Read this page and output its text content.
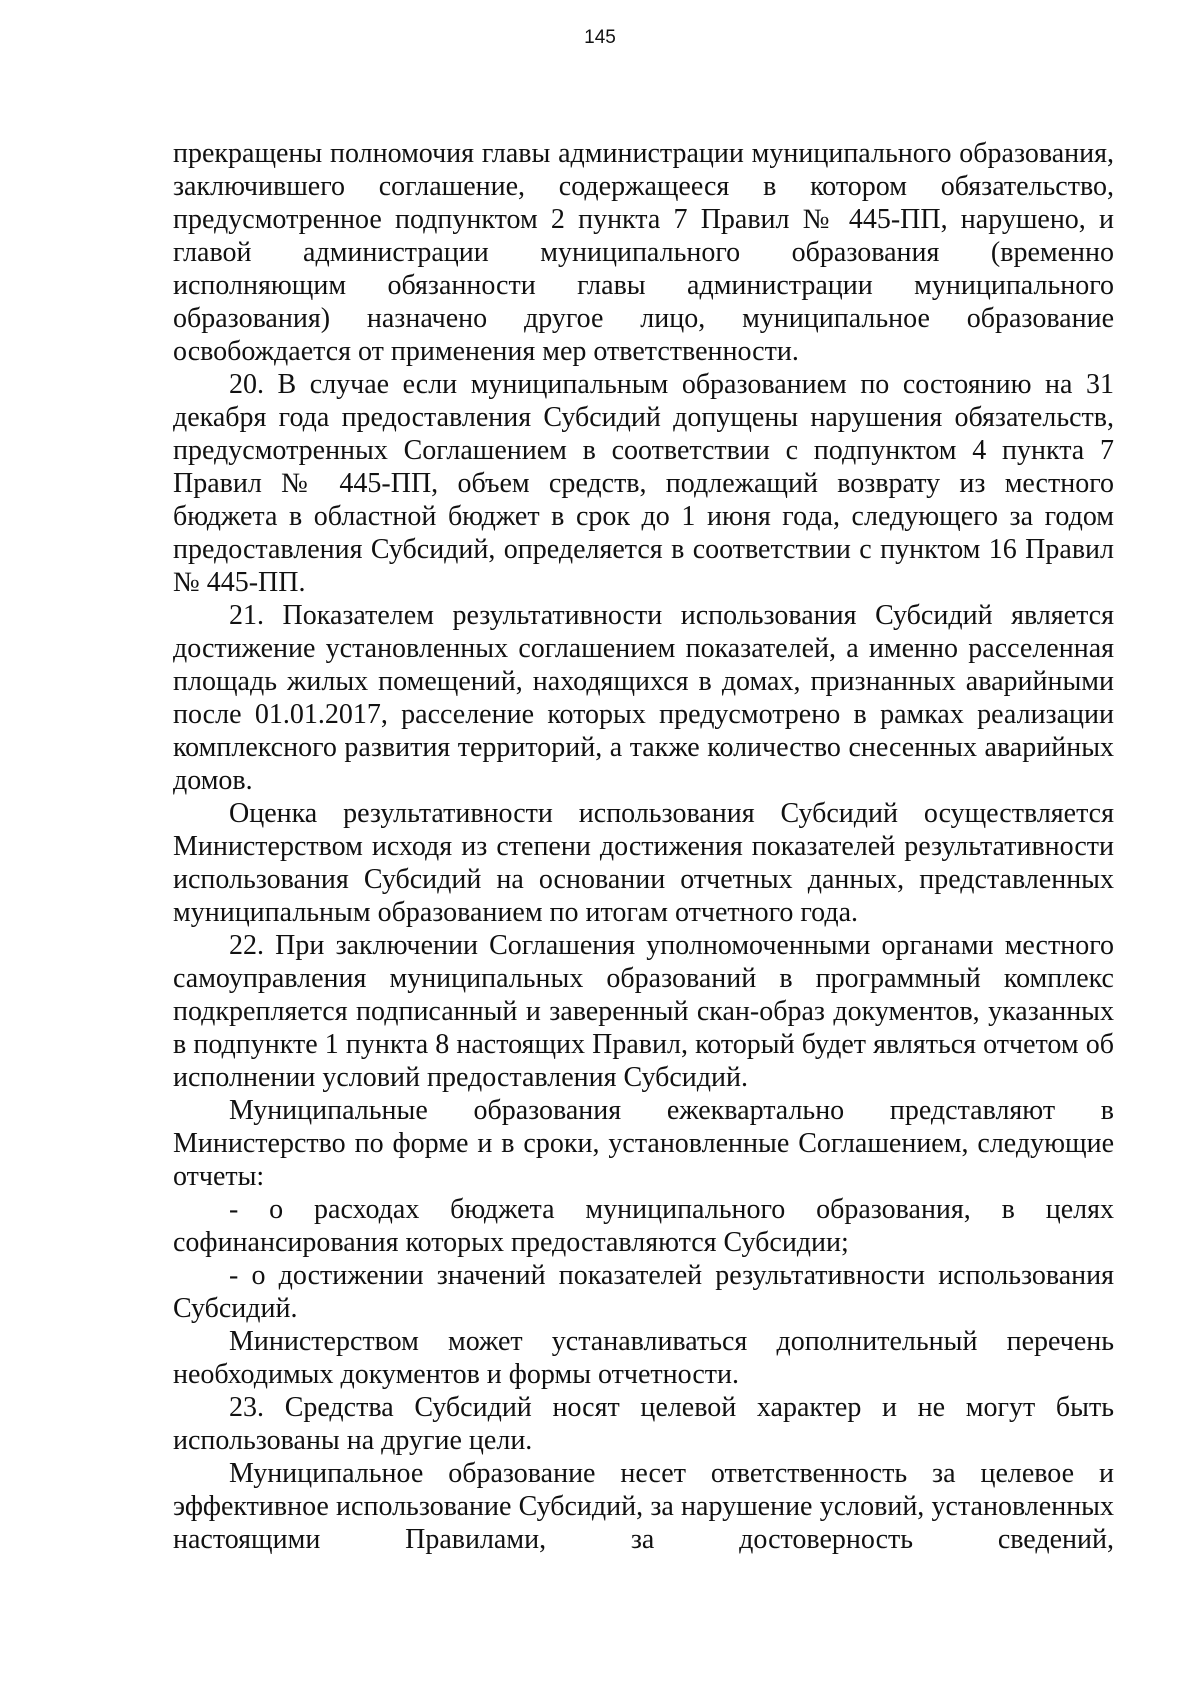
145

прекращены полномочия главы администрации муниципального образования, заключившего соглашение, содержащееся в котором обязательство, предусмотренное подпунктом 2 пункта 7 Правил № 445-ПП, нарушено, и главой администрации муниципального образования (временно исполняющим обязанности главы администрации муниципального образования) назначено другое лицо, муниципальное образование освобождается от применения мер ответственности.

20. В случае если муниципальным образованием по состоянию на 31 декабря года предоставления Субсидий допущены нарушения обязательств, предусмотренных Соглашением в соответствии с подпунктом 4 пункта 7 Правил № 445-ПП, объем средств, подлежащий возврату из местного бюджета в областной бюджет в срок до 1 июня года, следующего за годом предоставления Субсидий, определяется в соответствии с пунктом 16 Правил № 445-ПП.

21. Показателем результативности использования Субсидий является достижение установленных соглашением показателей, а именно расселенная площадь жилых помещений, находящихся в домах, признанных аварийными после 01.01.2017, расселение которых предусмотрено в рамках реализации комплексного развития территорий, а также количество снесенных аварийных домов.

Оценка результативности использования Субсидий осуществляется Министерством исходя из степени достижения показателей результативности использования Субсидий на основании отчетных данных, представленных муниципальным образованием по итогам отчетного года.

22. При заключении Соглашения уполномоченными органами местного самоуправления муниципальных образований в программный комплекс подкрепляется подписанный и заверенный скан-образ документов, указанных в подпункте 1 пункта 8 настоящих Правил, который будет являться отчетом об исполнении условий предоставления Субсидий.

Муниципальные образования ежеквартально представляют в Министерство по форме и в сроки, установленные Соглашением, следующие отчеты:

- о расходах бюджета муниципального образования, в целях софинансирования которых предоставляются Субсидии;

- о достижении значений показателей результативности использования Субсидий.

Министерством может устанавливаться дополнительный перечень необходимых документов и формы отчетности.

23. Средства Субсидий носят целевой характер и не могут быть использованы на другие цели.

Муниципальное образование несет ответственность за целевое и эффективное использование Субсидий, за нарушение условий, установленных настоящими Правилами, за достоверность сведений,
